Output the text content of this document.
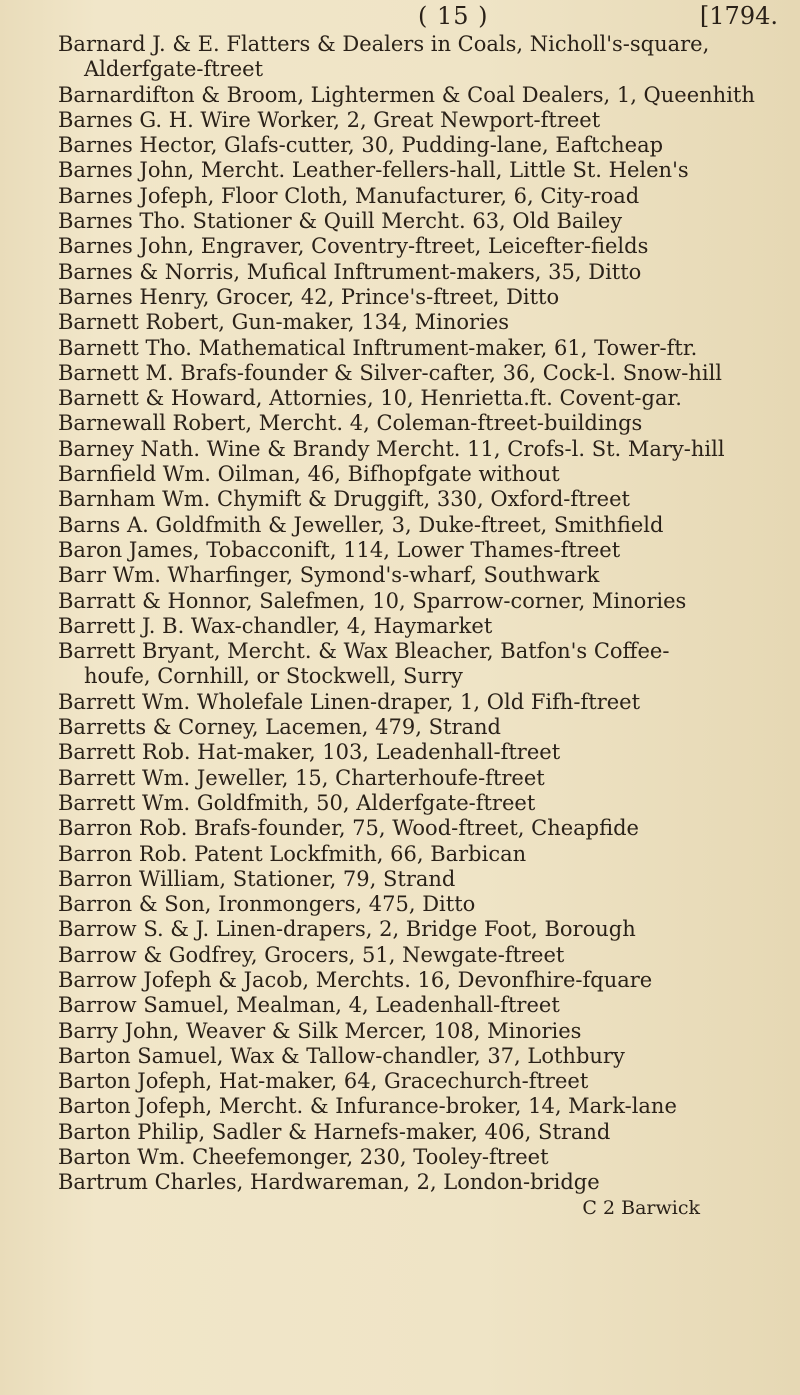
( 15 )	[1794.
Barnard J. & E. Flatters & Dealers in Coals, Nicholl's-square,
Alderfgate-ftreet
Barnardifton & Broom, Lightermen & Coal Dealers, 1, Queenhith
Barnes G. H. Wire Worker, 2, Great Newport-ftreet
Barnes Hector, Glafs-cutter, 30, Pudding-lane, Eaftcheap
Barnes John, Mercht. Leather-fellers-hall, Little St. Helen's
Barnes Jofeph, Floor Cloth, Manufacturer, 6, City-road
Barnes Tho. Stationer & Quill Mercht. 63, Old Bailey
Barnes John, Engraver, Coventry-ftreet, Leicefter-fields
Barnes & Norris, Mufical Inftrument-makers, 35, Ditto
Barnes Henry, Grocer, 42, Prince's-ftreet, Ditto
Barnett Robert, Gun-maker, 134, Minories
Barnett Tho. Mathematical Inftrument-maker, 61, Tower-ftr.
Barnett M. Brafs-founder & Silver-cafter, 36, Cock-l. Snow-hill
Barnett & Howard, Attornies, 10, Henrietta.ft. Covent-gar.
Barnewall Robert, Mercht. 4, Coleman-ftreet-buildings
Barney Nath. Wine & Brandy Mercht. 11, Crofs-l. St. Mary-hill
Barnfield Wm. Oilman, 46, Bifhopfgate without
Barnham Wm. Chymift & Druggift, 330, Oxford-ftreet
Barns A. Goldfmith & Jeweller, 3, Duke-ftreet, Smithfield
Baron James, Tobacconift, 114, Lower Thames-ftreet
Barr Wm. Wharfinger, Symond's-wharf, Southwark
Barratt & Honnor, Salefmen, 10, Sparrow-corner, Minories
Barrett J. B. Wax-chandler, 4, Haymarket
Barrett Bryant, Mercht. & Wax Bleacher, Batfon's Coffee-
houfe, Cornhill, or Stockwell, Surry
Barrett Wm. Wholefale Linen-draper, 1, Old Fifh-ftreet
Barretts & Corney, Lacemen, 479, Strand
Barrett Rob. Hat-maker, 103, Leadenhall-ftreet
Barrett Wm. Jeweller, 15, Charterhoufe-ftreet
Barrett Wm. Goldfmith, 50, Alderfgate-ftreet
Barron Rob. Brafs-founder, 75, Wood-ftreet, Cheapfide
Barron Rob. Patent Lockfmith, 66, Barbican
Barron William, Stationer, 79, Strand
Barron & Son, Ironmongers, 475, Ditto
Barrow S. & J. Linen-drapers, 2, Bridge Foot, Borough
Barrow & Godfrey, Grocers, 51, Newgate-ftreet
Barrow Jofeph & Jacob, Merchts. 16, Devonfhire-fquare
Barrow Samuel, Mealman, 4, Leadenhall-ftreet
Barry John, Weaver & Silk Mercer, 108, Minories
Barton Samuel, Wax & Tallow-chandler, 37, Lothbury
Barton Jofeph, Hat-maker, 64, Gracechurch-ftreet
Barton Jofeph, Mercht. & Infurance-broker, 14, Mark-lane
Barton Philip, Sadler & Harnefs-maker, 406, Strand
Barton Wm. Cheefemonger, 230, Tooley-ftreet
Bartrum Charles, Hardwareman, 2, London-bridge
C 2 Barwick
